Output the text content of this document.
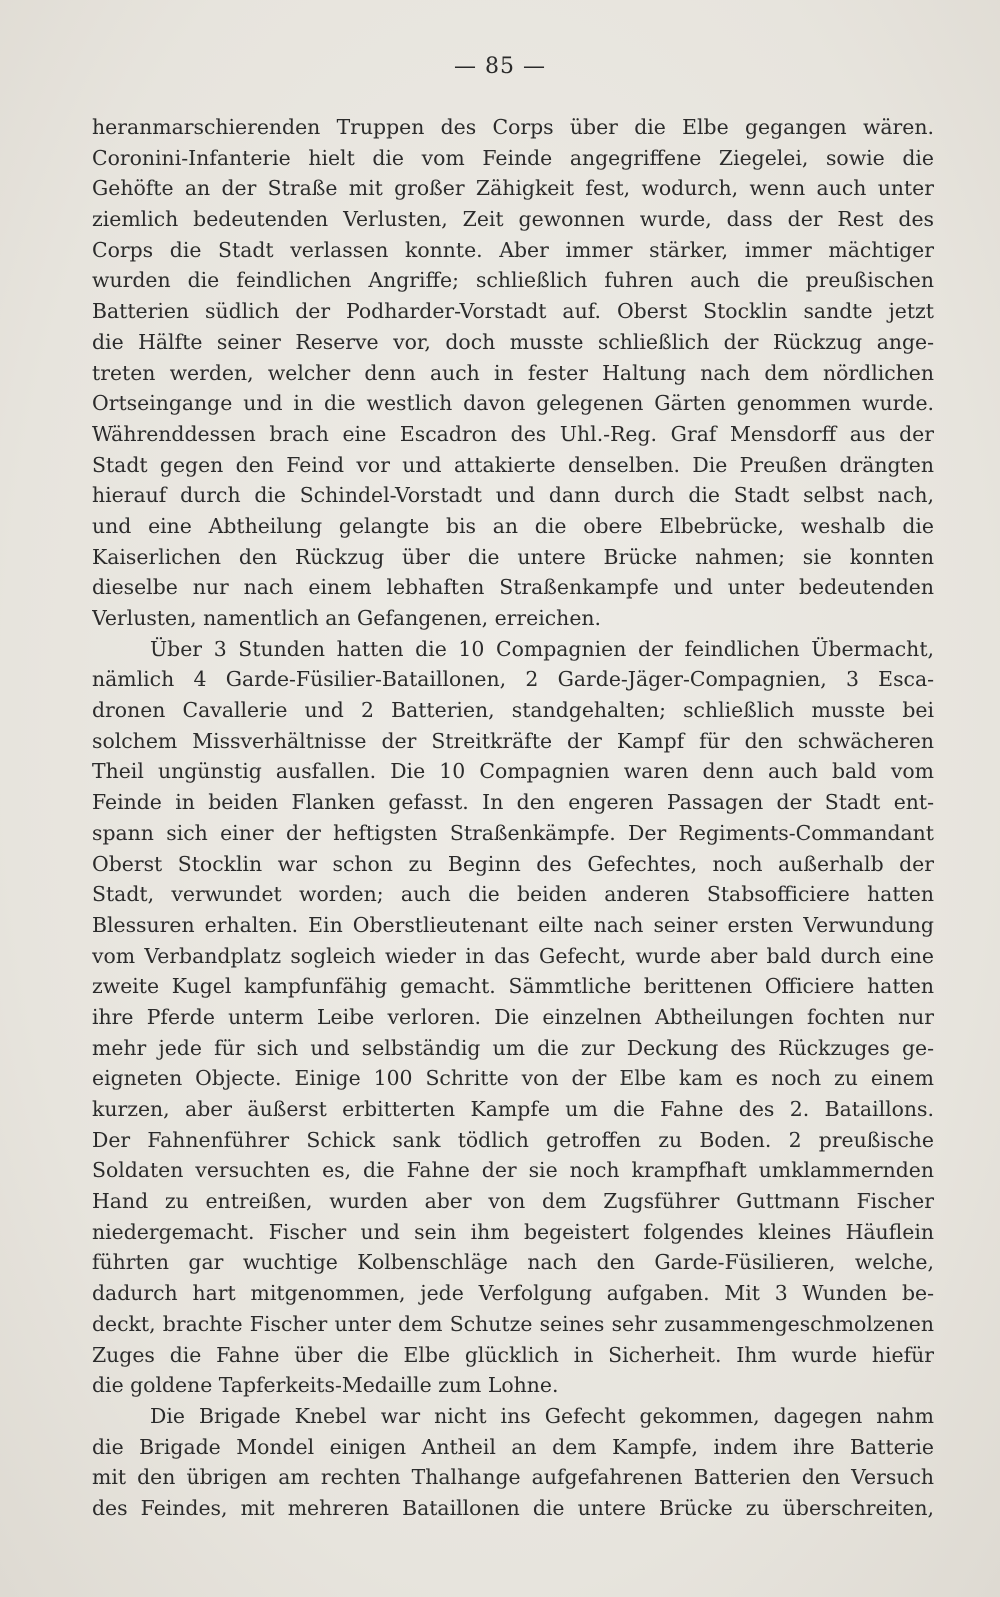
— 85 —
heranmarschierenden Truppen des Corps über die Elbe gegangen wären.
Coronini-Infanterie hielt die vom Feinde angegriffene Ziegelei, sowie die
Gehöfte an der Straße mit großer Zähigkeit fest, wodurch, wenn auch unter
ziemlich bedeutenden Verlusten, Zeit gewonnen wurde, dass der Rest des
Corps die Stadt verlassen konnte. Aber immer stärker, immer mächtiger
wurden die feindlichen Angriffe; schließlich fuhren auch die preußischen
Batterien südlich der Podharder-Vorstadt auf. Oberst Stocklin sandte jetzt
die Hälfte seiner Reserve vor, doch musste schließlich der Rückzug ange-
treten werden, welcher denn auch in fester Haltung nach dem nördlichen
Ortseingange und in die westlich davon gelegenen Gärten genommen wurde.
Währenddessen brach eine Escadron des Uhl.-Reg. Graf Mensdorff aus der
Stadt gegen den Feind vor und attakierte denselben. Die Preußen drängten
hierauf durch die Schindel-Vorstadt und dann durch die Stadt selbst nach,
und eine Abtheilung gelangte bis an die obere Elbebrücke, weshalb die
Kaiserlichen den Rückzug über die untere Brücke nahmen; sie konnten
dieselbe nur nach einem lebhaften Straßenkampfe und unter bedeutenden
Verlusten, namentlich an Gefangenen, erreichen.
Über 3 Stunden hatten die 10 Compagnien der feindlichen Übermacht,
nämlich 4 Garde-Füsilier-Bataillonen, 2 Garde-Jäger-Compagnien, 3 Esca-
dronen Cavallerie und 2 Batterien, standgehalten; schließlich musste bei
solchem Missverhältnisse der Streitkräfte der Kampf für den schwächeren
Theil ungünstig ausfallen. Die 10 Compagnien waren denn auch bald vom
Feinde in beiden Flanken gefasst. In den engeren Passagen der Stadt ent-
spann sich einer der heftigsten Straßenkämpfe. Der Regiments-Commandant
Oberst Stocklin war schon zu Beginn des Gefechtes, noch außerhalb der
Stadt, verwundet worden; auch die beiden anderen Stabsofficiere hatten
Blessuren erhalten. Ein Oberstlieutenant eilte nach seiner ersten Verwundung
vom Verbandplatz sogleich wieder in das Gefecht, wurde aber bald durch eine
zweite Kugel kampfunfähig gemacht. Sämmtliche berittenen Officiere hatten
ihre Pferde unterm Leibe verloren. Die einzelnen Abtheilungen fochten nur
mehr jede für sich und selbständig um die zur Deckung des Rückzuges ge-
eigneten Objecte. Einige 100 Schritte von der Elbe kam es noch zu einem
kurzen, aber äußerst erbitterten Kampfe um die Fahne des 2. Bataillons.
Der Fahnenführer Schick sank tödlich getroffen zu Boden. 2 preußische
Soldaten versuchten es, die Fahne der sie noch krampfhaft umklammernden
Hand zu entreißen, wurden aber von dem Zugsführer Guttmann Fischer
niedergemacht. Fischer und sein ihm begeistert folgendes kleines Häuflein
führten gar wuchtige Kolbenschläge nach den Garde-Füsilieren, welche,
dadurch hart mitgenommen, jede Verfolgung aufgaben. Mit 3 Wunden be-
deckt, brachte Fischer unter dem Schutze seines sehr zusammengeschmolzenen
Zuges die Fahne über die Elbe glücklich in Sicherheit. Ihm wurde hiefür
die goldene Tapferkeits-Medaille zum Lohne.
Die Brigade Knebel war nicht ins Gefecht gekommen, dagegen nahm
die Brigade Mondel einigen Antheil an dem Kampfe, indem ihre Batterie
mit den übrigen am rechten Thalhange aufgefahrenen Batterien den Versuch
des Feindes, mit mehreren Bataillonen die untere Brücke zu überschreiten,
